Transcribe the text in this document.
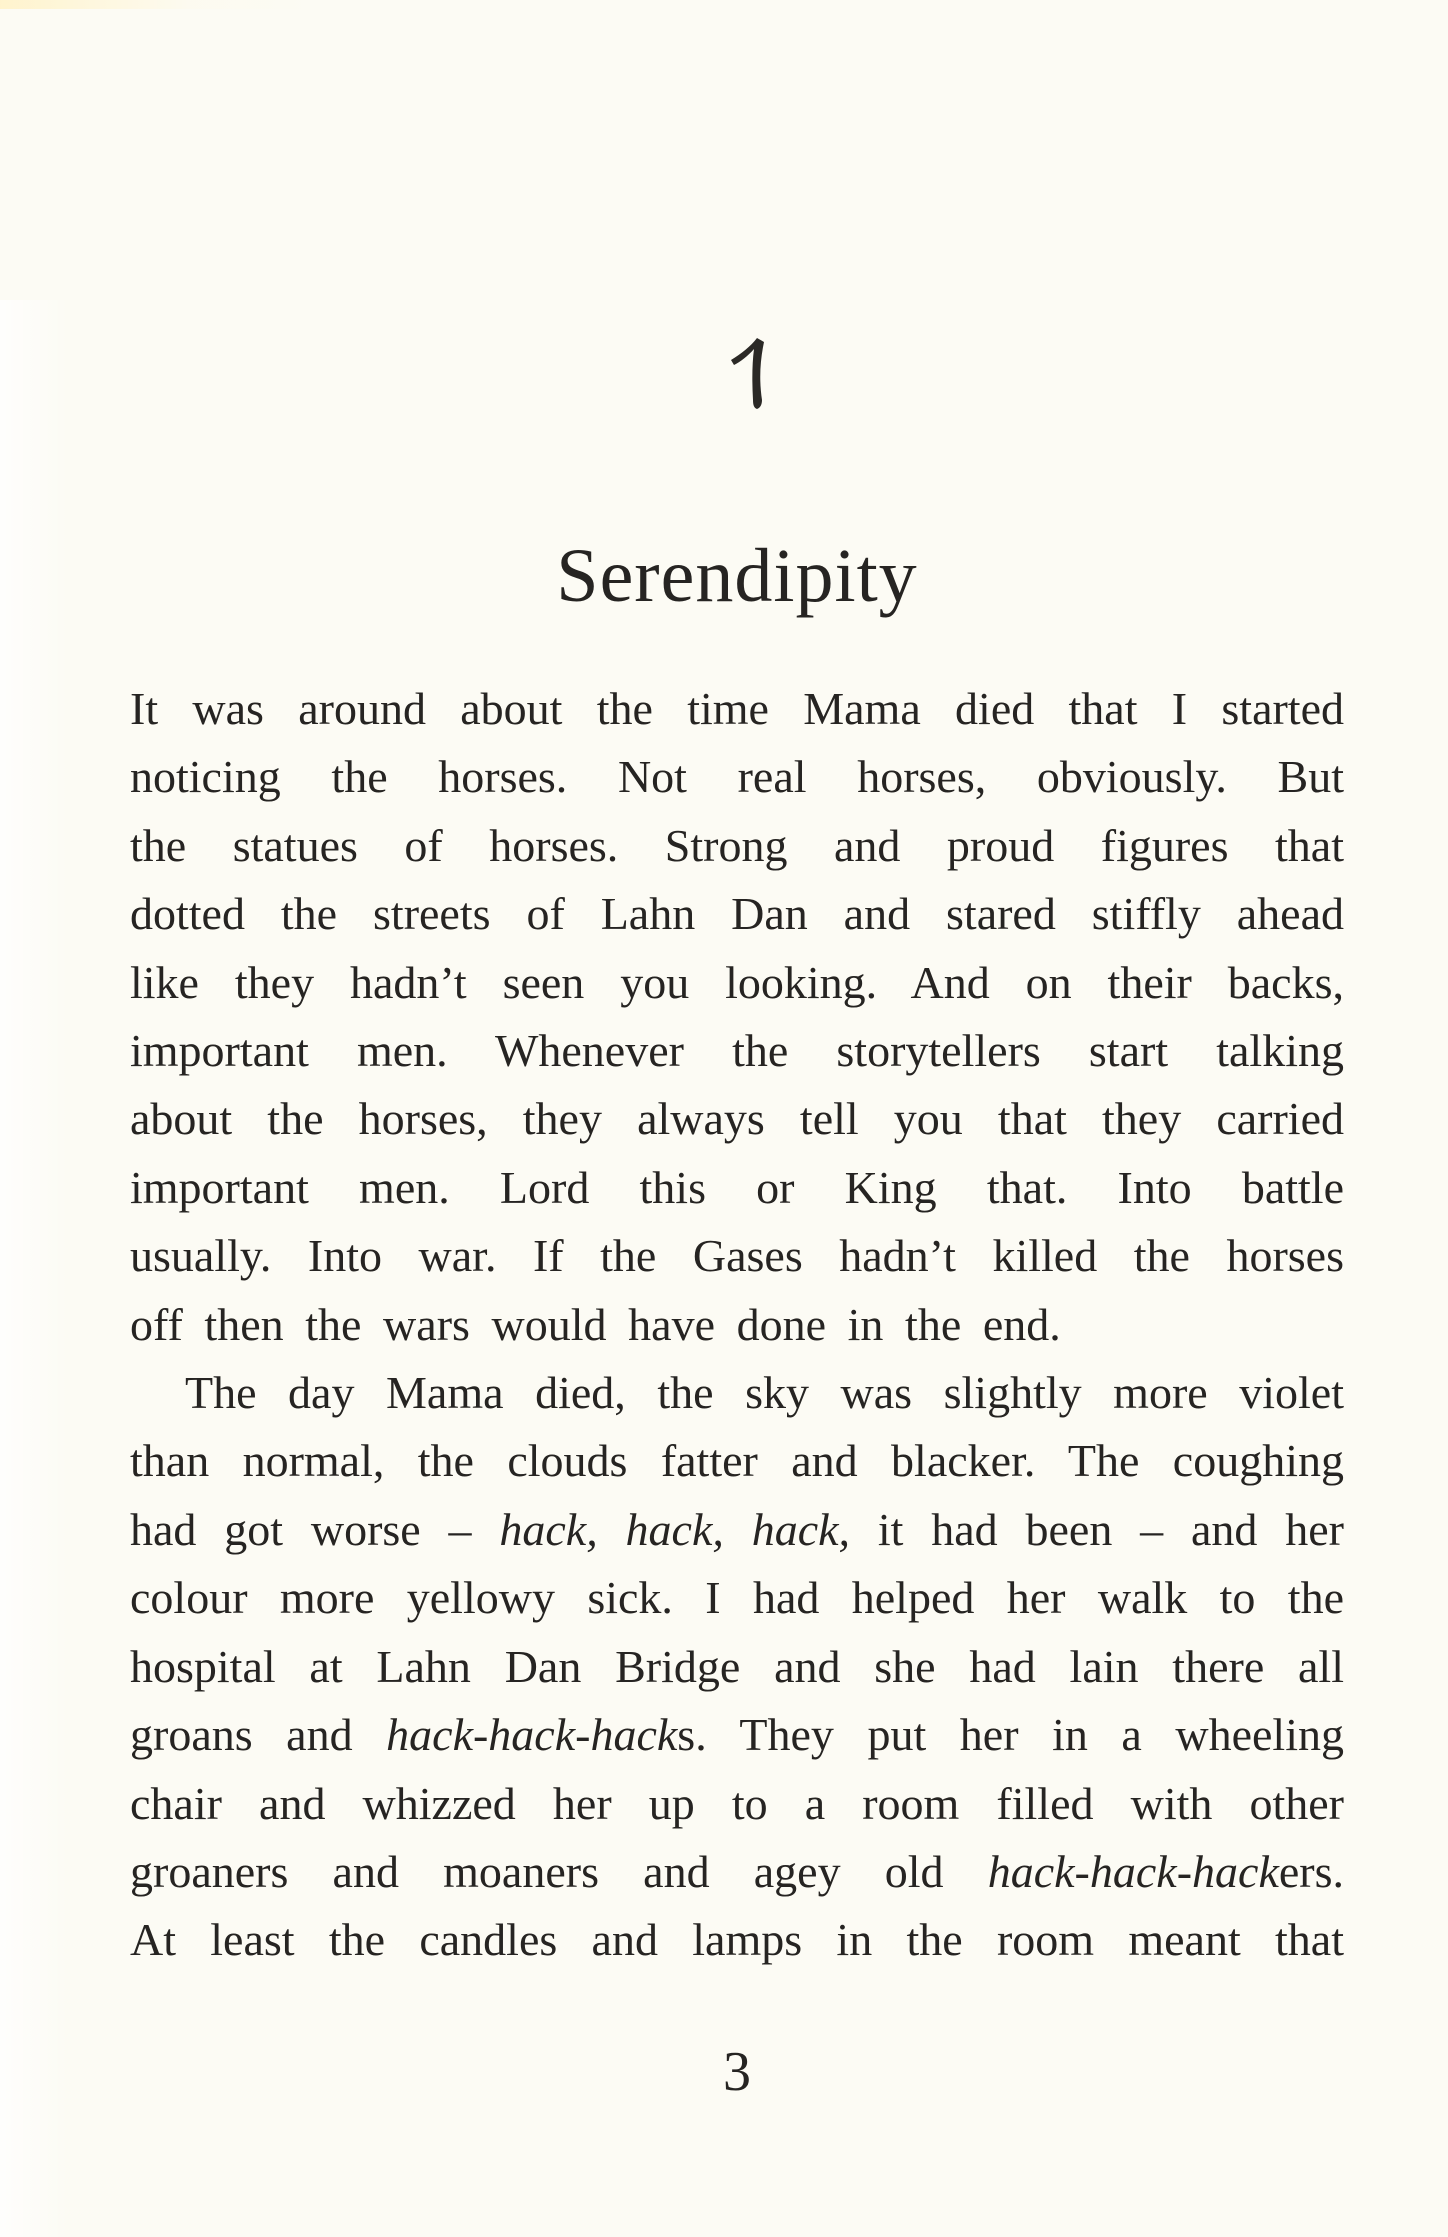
Serendipity
It was around about the time Mama died that I started
noticing the horses. Not real horses, obviously. But
the statues of horses. Strong and proud figures that
dotted the streets of Lahn Dan and stared stiffly ahead
like they hadn’t seen you looking. And on their backs,
important men. Whenever the storytellers start talking
about the horses, they always tell you that they carried
important men. Lord this or King that. Into battle
usually. Into war. If the Gases hadn’t killed the horses
off then the wars would have done in the end.
The day Mama died, the sky was slightly more violet
than normal, the clouds fatter and blacker. The coughing
had got worse – hack, hack, hack, it had been – and her
colour more yellowy sick. I had helped her walk to the
hospital at Lahn Dan Bridge and she had lain there all
groans and hack-hack-hacks. They put her in a wheeling
chair and whizzed her up to a room filled with other
groaners and moaners and agey old hack-hack-hackers.
At least the candles and lamps in the room meant that
3
